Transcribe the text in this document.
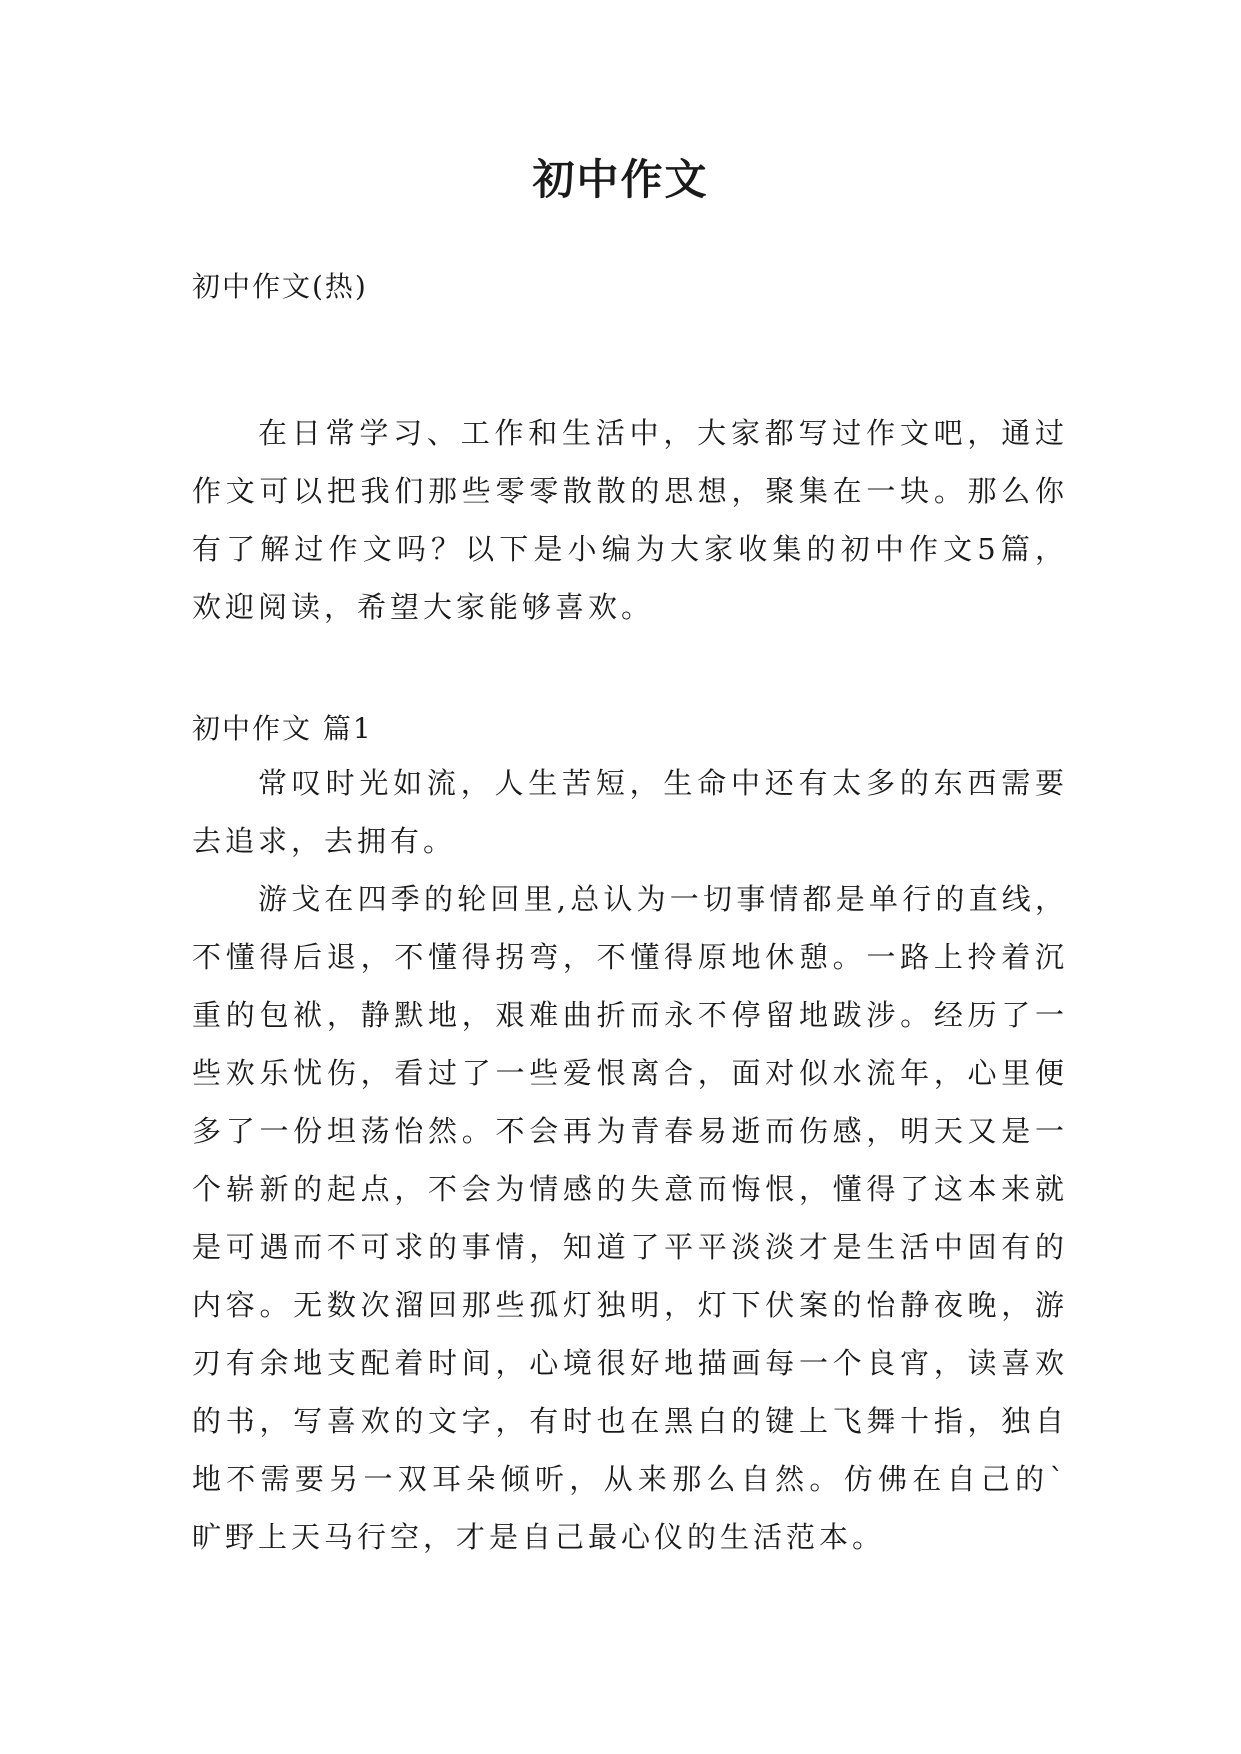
初中作文

初中作文(热)

在日常学习、工作和生活中，大家都写过作文吧，通过作文可以把我们那些零零散散的思想，聚集在一块。那么你有了解过作文吗？以下是小编为大家收集的初中作文5篇，欢迎阅读，希望大家能够喜欢。

初中作文 篇1

常叹时光如流，人生苦短，生命中还有太多的东西需要去追求，去拥有。

游戈在四季的轮回里,总认为一切事情都是单行的直线，不懂得后退，不懂得拐弯，不懂得原地休憩。一路上拎着沉重的包袱，静默地，艰难曲折而永不停留地跋涉。经历了一些欢乐忧伤，看过了一些爱恨离合，面对似水流年，心里便多了一份坦荡怡然。不会再为青春易逝而伤感，明天又是一个崭新的起点，不会为情感的失意而悔恨，懂得了这本来就是可遇而不可求的事情，知道了平平淡淡才是生活中固有的内容。无数次溜回那些孤灯独明，灯下伏案的怡静夜晚，游刃有余地支配着时间，心境很好地描画每一个良宵，读喜欢的书，写喜欢的文字，有时也在黑白的键上飞舞十指，独自地不需要另一双耳朵倾听，从来那么自然。仿佛在自己的`旷野上天马行空，才是自己最心仪的生活范本。
